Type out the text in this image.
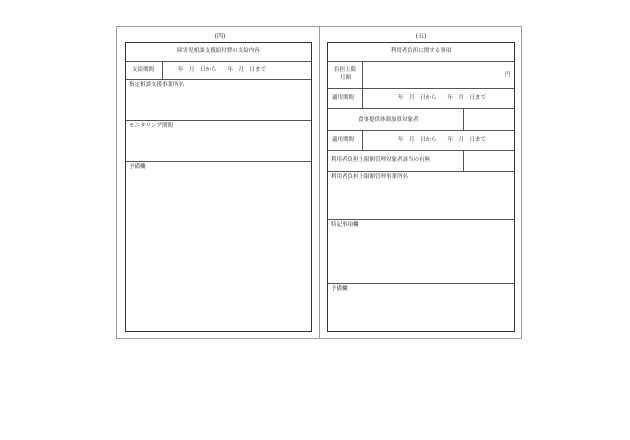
(四)
障害児相談支援給付費の支給内容
支給期間	年　月　日から　　年　月　日まで
指定相談支援事業所名
モニタリング期間
予備欄
(五)
利用者負担に関する事項
負担上限
月額	円
適用期間	年　月　日から　　年　月　日まで
食事提供体制加算対象者
適用期間	年　月　日から　　年　月　日まで
利用者負担上限額管理対象者該当の有無
利用者負担上限額管理事業所名
特記事項欄
予備欄
